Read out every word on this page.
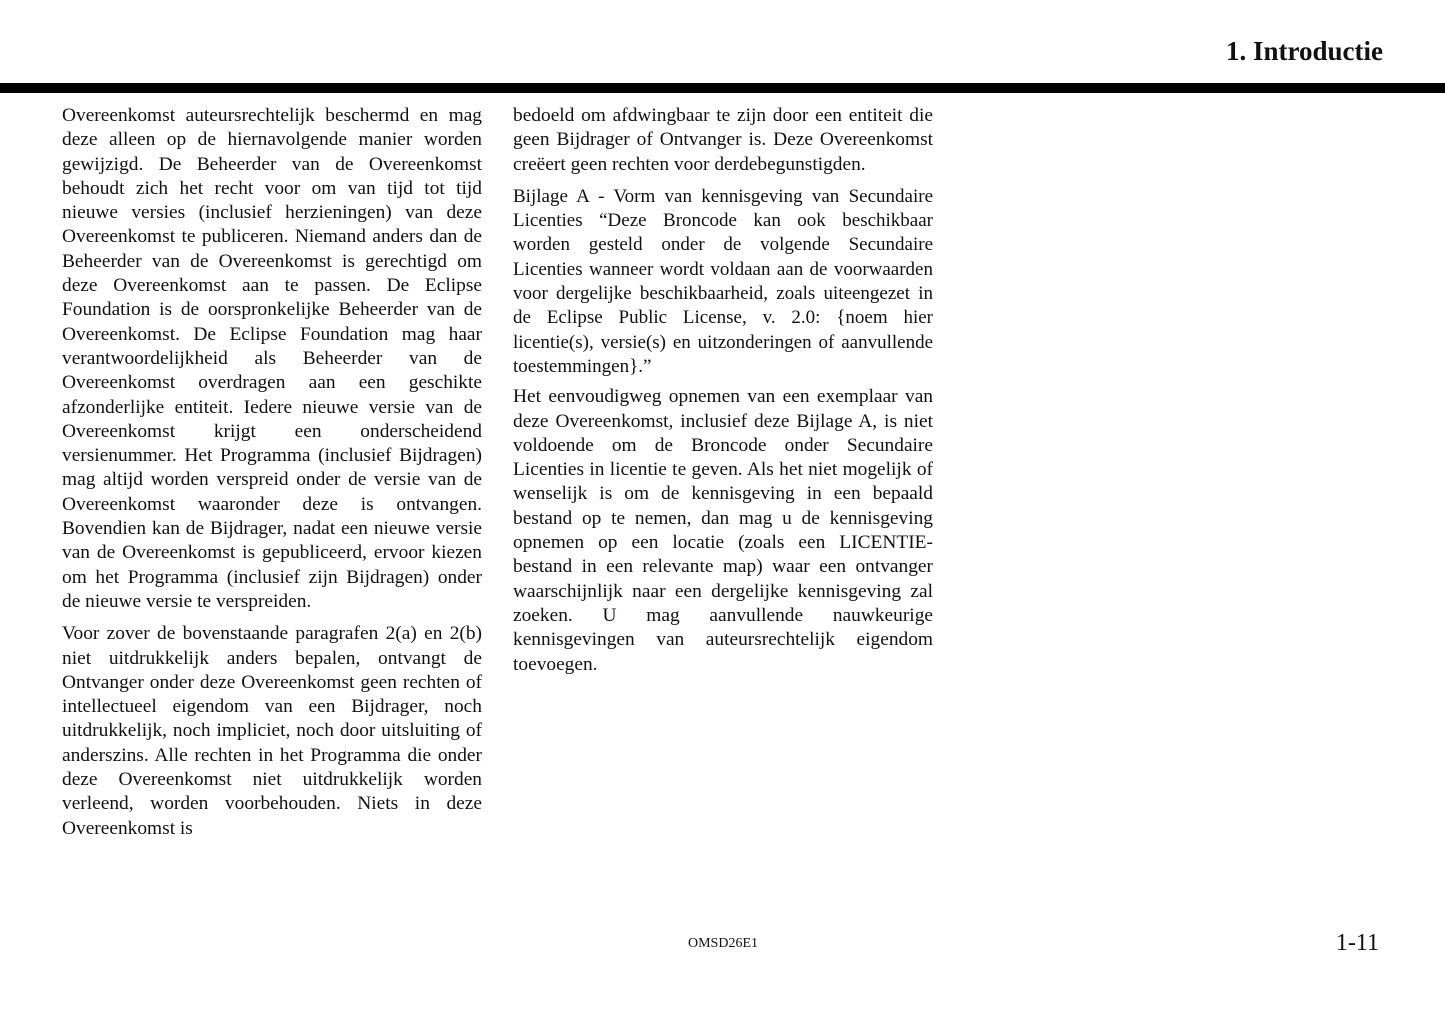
1. Introductie

Overeenkomst auteursrechtelijk beschermd en mag deze alleen op de hiernavolgende manier worden gewijzigd. De Beheerder van de Overeenkomst behoudt zich het recht voor om van tijd tot tijd nieuwe versies (inclusief herzieningen) van deze Overeenkomst te publiceren. Niemand anders dan de Beheerder van de Overeenkomst is gerechtigd om deze Overeenkomst aan te passen. De Eclipse Foundation is de oorspronkelijke Beheerder van de Overeenkomst. De Eclipse Foundation mag haar verantwoordelijkheid als Beheerder van de Overeenkomst overdragen aan een geschikte afzonderlijke entiteit. Iedere nieuwe versie van de Overeenkomst krijgt een onderscheidend versienummer. Het Programma (inclusief Bijdragen) mag altijd worden verspreid onder de versie van de Overeenkomst waaronder deze is ontvangen. Bovendien kan de Bijdrager, nadat een nieuwe versie van de Overeenkomst is gepubliceerd, ervoor kiezen om het Programma (inclusief zijn Bijdragen) onder de nieuwe versie te verspreiden.

Voor zover de bovenstaande paragrafen 2(a) en 2(b) niet uitdrukkelijk anders bepalen, ontvangt de Ontvanger onder deze Overeenkomst geen rechten of intellectueel eigendom van een Bijdrager, noch uitdrukkelijk, noch impliciet, noch door uitsluiting of anderszins. Alle rechten in het Programma die onder deze Overeenkomst niet uitdrukkelijk worden verleend, worden voorbehouden. Niets in deze Overeenkomst is

bedoeld om afdwingbaar te zijn door een entiteit die geen Bijdrager of Ontvanger is. Deze Overeenkomst creëert geen rechten voor derdebegunstigden.

Bijlage A - Vorm van kennisgeving van Secundaire Licenties “Deze Broncode kan ook beschikbaar worden gesteld onder de volgende Secundaire Licenties wanneer wordt voldaan aan de voorwaarden voor dergelijke beschikbaarheid, zoals uiteengezet in de Eclipse Public License, v. 2.0: {noem hier licentie(s), versie(s) en uitzonderingen of aanvullende toestemmingen}.”

Het eenvoudigweg opnemen van een exemplaar van deze Overeenkomst, inclusief deze Bijlage A, is niet voldoende om de Broncode onder Secundaire Licenties in licentie te geven. Als het niet mogelijk of wenselijk is om de kennisgeving in een bepaald bestand op te nemen, dan mag u de kennisgeving opnemen op een locatie (zoals een LICENTIE-bestand in een relevante map) waar een ontvanger waarschijnlijk naar een dergelijke kennisgeving zal zoeken. U mag aanvullende nauwkeurige kennisgevingen van auteursrechtelijk eigendom toevoegen.

OMSD26E1	1-11
